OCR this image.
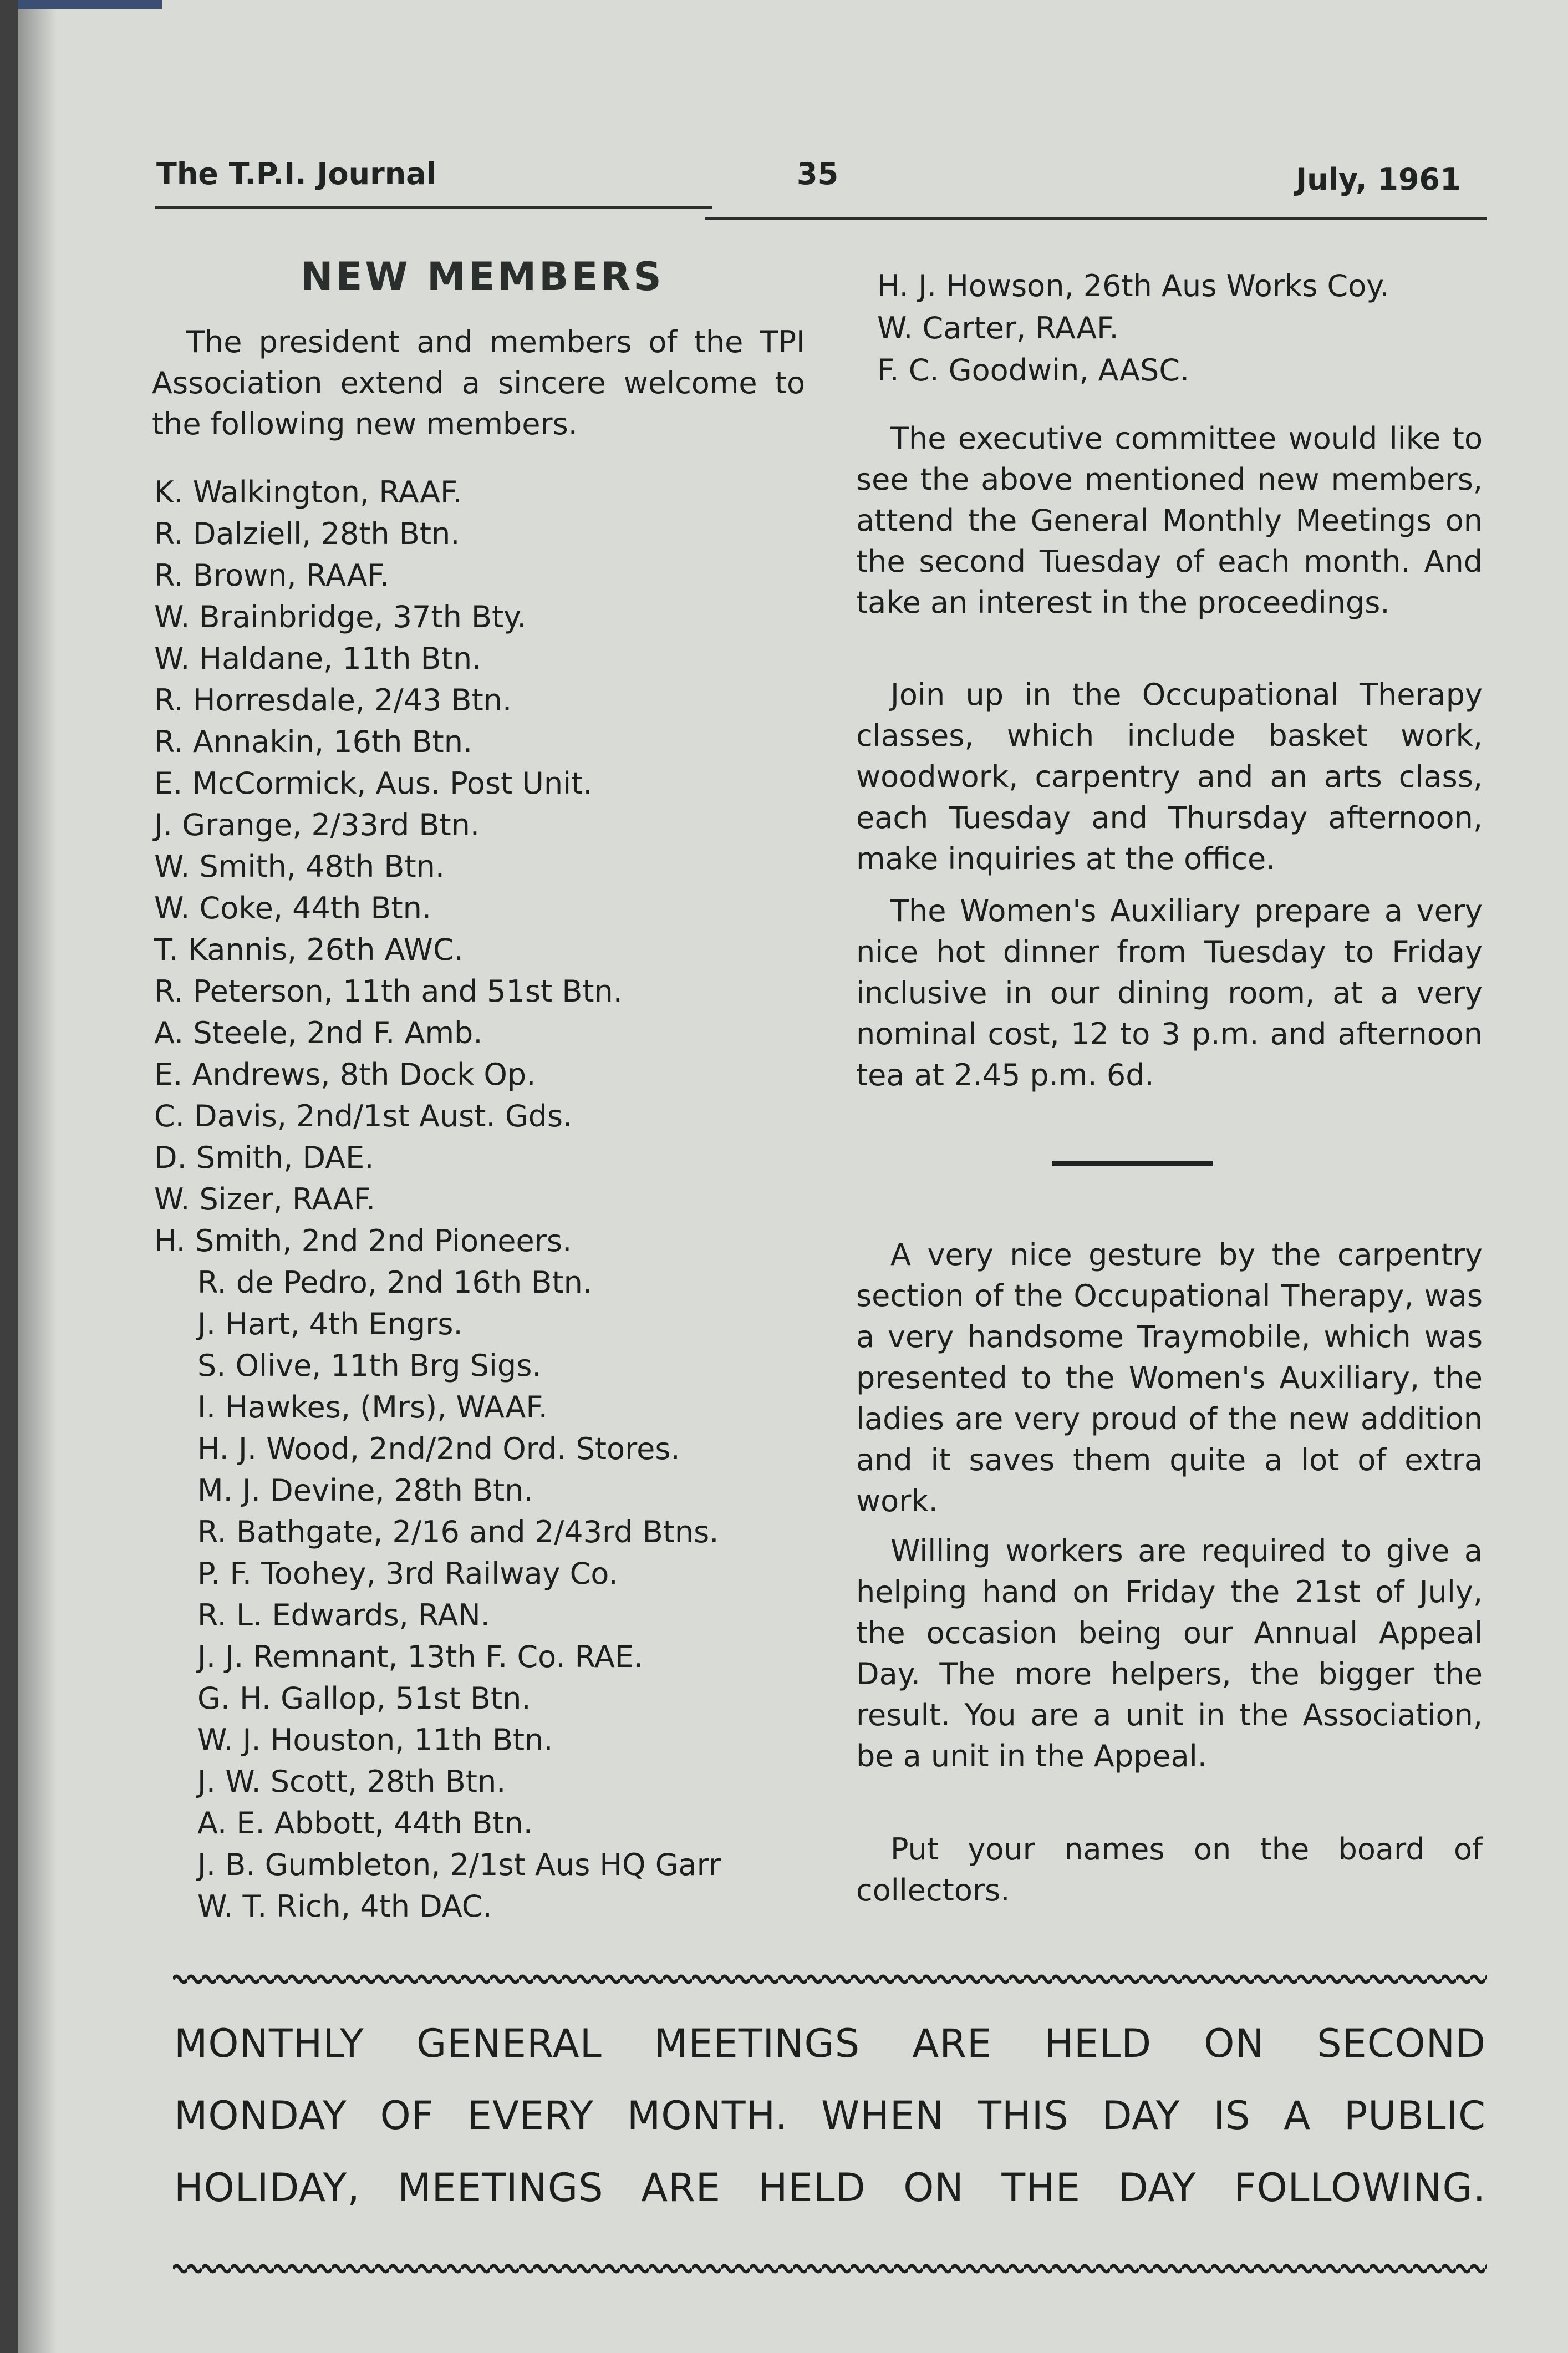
The T.P.I. Journal	35	July, 1961
NEW MEMBERS

The president and members of the TPI Association extend a sincere welcome to the following new members.

K. Walkington, RAAF.
R. Dalziell, 28th Btn.
R. Brown, RAAF.
W. Brainbridge, 37th Bty.
W. Haldane, 11th Btn.
R. Horresdale, 2/43 Btn.
R. Annakin, 16th Btn.
E. McCormick, Aus. Post Unit.
J. Grange, 2/33rd Btn.
W. Smith, 48th Btn.
W. Coke, 44th Btn.
T. Kannis, 26th AWC.
R. Peterson, 11th and 51st Btn.
A. Steele, 2nd F. Amb.
E. Andrews, 8th Dock Op.
C. Davis, 2nd/1st Aust. Gds.
D. Smith, DAE.
W. Sizer, RAAF.
H. Smith, 2nd 2nd Pioneers.
R. de Pedro, 2nd 16th Btn.
J. Hart, 4th Engrs.
S. Olive, 11th Brg Sigs.
I. Hawkes, (Mrs), WAAF.
H. J. Wood, 2nd/2nd Ord. Stores.
M. J. Devine, 28th Btn.
R. Bathgate, 2/16 and 2/43rd Btns.
P. F. Toohey, 3rd Railway Co.
R. L. Edwards, RAN.
J. J. Remnant, 13th F. Co. RAE.
G. H. Gallop, 51st Btn.
W. J. Houston, 11th Btn.
J. W. Scott, 28th Btn.
A. E. Abbott, 44th Btn.
J. B. Gumbleton, 2/1st Aus HQ Garr
W. T. Rich, 4th DAC.
H. J. Howson, 26th Aus Works Coy.
W. Carter, RAAF.
F. C. Goodwin, AASC.

The executive committee would like to see the above mentioned new members, attend the General Monthly Meetings on the second Tuesday of each month. And take an interest in the proceedings.

Join up in the Occupational Therapy classes, which include basket work, woodwork, carpentry and an arts class, each Tuesday and Thursday afternoon, make inquiries at the office.

The Women's Auxiliary prepare a very nice hot dinner from Tuesday to Friday inclusive in our dining room, at a very nominal cost, 12 to 3 p.m. and afternoon tea at 2.45 p.m. 6d.

A very nice gesture by the carpentry section of the Occupational Therapy, was a very handsome Traymobile, which was presented to the Women's Auxiliary, the ladies are very proud of the new addition and it saves them quite a lot of extra work.

Willing workers are required to give a helping hand on Friday the 21st of July, the occasion being our Annual Appeal Day. The more helpers, the bigger the result. You are a unit in the Association, be a unit in the Appeal.

Put your names on the board of collectors.

MONTHLY GENERAL MEETINGS ARE HELD ON SECOND
MONDAY OF EVERY MONTH. WHEN THIS DAY IS A PUBLIC
HOLIDAY, MEETINGS ARE HELD ON THE DAY FOLLOWING.
